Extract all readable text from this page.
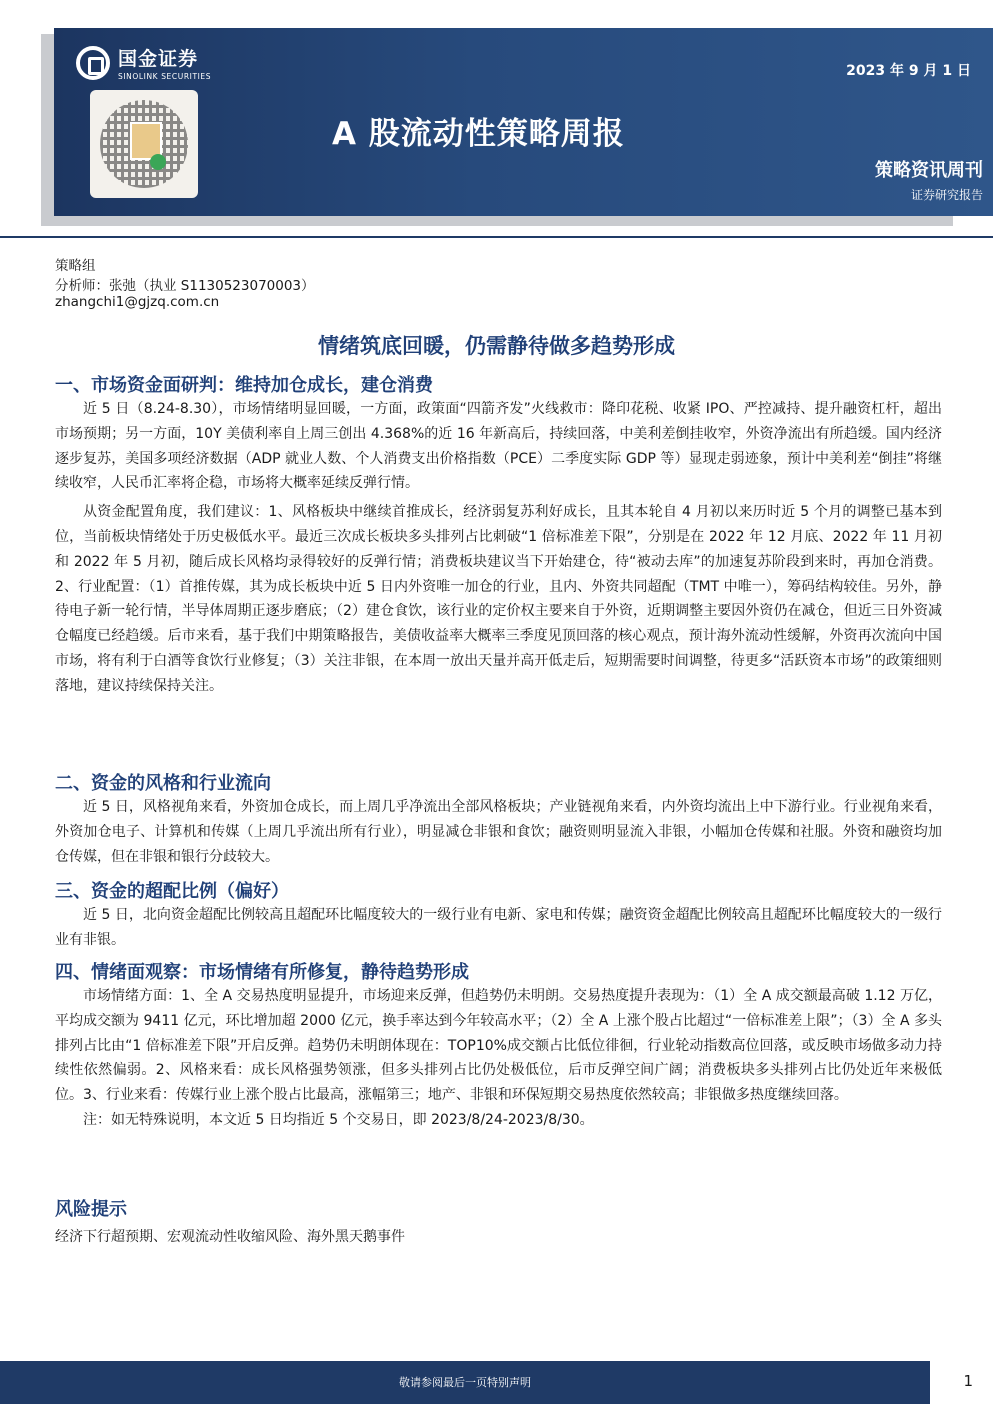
国金证券
SINOLINK SECURITIES	2023 年 9 月 1 日
A 股流动性策略周报
策略资讯周刊
证券研究报告
策略组
分析师：张弛（执业 S1130523070003）
zhangchi1@gjzq.com.cn
情绪筑底回暖，仍需静待做多趋势形成
一、市场资金面研判：维持加仓成长，建仓消费

近 5 日（8.24-8.30），市场情绪明显回暖，一方面，政策面“四箭齐发”火线救市：降印花税、收紧 IPO、严控减持、提升融资杠杆，超出市场预期；另一方面，10Y 美债利率自上周三创出 4.368%的近 16 年新高后，持续回落，中美利差倒挂收窄，外资净流出有所趋缓。国内经济逐步复苏，美国多项经济数据（ADP 就业人数、个人消费支出价格指数（PCE）二季度实际 GDP 等）显现走弱迹象，预计中美利差“倒挂”将继续收窄，人民币汇率将企稳，市场将大概率延续反弹行情。

从资金配置角度，我们建议：1、风格板块中继续首推成长，经济弱复苏利好成长，且其本轮自 4 月初以来历时近 5 个月的调整已基本到位，当前板块情绪处于历史极低水平。最近三次成长板块多头排列占比刺破“1 倍标准差下限”，分别是在 2022 年 12 月底、2022 年 11 月初和 2022 年 5 月初，随后成长风格均录得较好的反弹行情；消费板块建议当下开始建仓，待“被动去库”的加速复苏阶段到来时，再加仓消费。2、行业配置：（1）首推传媒，其为成长板块中近 5 日内外资唯一加仓的行业，且内、外资共同超配（TMT 中唯一），筹码结构较佳。另外，静待电子新一轮行情，半导体周期正逐步磨底；（2）建仓食饮，该行业的定价权主要来自于外资，近期调整主要因外资仍在减仓，但近三日外资减仓幅度已经趋缓。后市来看，基于我们中期策略报告，美债收益率大概率三季度见顶回落的核心观点，预计海外流动性缓解，外资再次流向中国市场，将有利于白酒等食饮行业修复；（3）关注非银，在本周一放出天量并高开低走后，短期需要时间调整，待更多“活跃资本市场”的政策细则落地，建议持续保持关注。

二、资金的风格和行业流向

近 5 日，风格视角来看，外资加仓成长，而上周几乎净流出全部风格板块；产业链视角来看，内外资均流出上中下游行业。行业视角来看，外资加仓电子、计算机和传媒（上周几乎流出所有行业），明显减仓非银和食饮；融资则明显流入非银，小幅加仓传媒和社服。外资和融资均加仓传媒，但在非银和银行分歧较大。

三、资金的超配比例（偏好）

近 5 日，北向资金超配比例较高且超配环比幅度较大的一级行业有电新、家电和传媒；融资资金超配比例较高且超配环比幅度较大的一级行业有非银。

四、情绪面观察：市场情绪有所修复，静待趋势形成

市场情绪方面：1、全 A 交易热度明显提升，市场迎来反弹，但趋势仍未明朗。交易热度提升表现为：（1）全 A 成交额最高破 1.12 万亿，平均成交额为 9411 亿元，环比增加超 2000 亿元，换手率达到今年较高水平；（2）全 A 上涨个股占比超过“一倍标准差上限”；（3）全 A 多头排列占比由“1 倍标准差下限”开启反弹。趋势仍未明朗体现在：TOP10%成交额占比低位徘徊，行业轮动指数高位回落，或反映市场做多动力持续性依然偏弱。2、风格来看：成长风格强势领涨，但多头排列占比仍处极低位，后市反弹空间广阔；消费板块多头排列占比仍处近年来极低位。3、行业来看：传媒行业上涨个股占比最高，涨幅第三；地产、非银和环保短期交易热度依然较高；非银做多热度继续回落。

注：如无特殊说明，本文近 5 日均指近 5 个交易日，即 2023/8/24-2023/8/30。

风险提示
经济下行超预期、宏观流动性收缩风险、海外黑天鹅事件
敬请参阅最后一页特别声明	1
